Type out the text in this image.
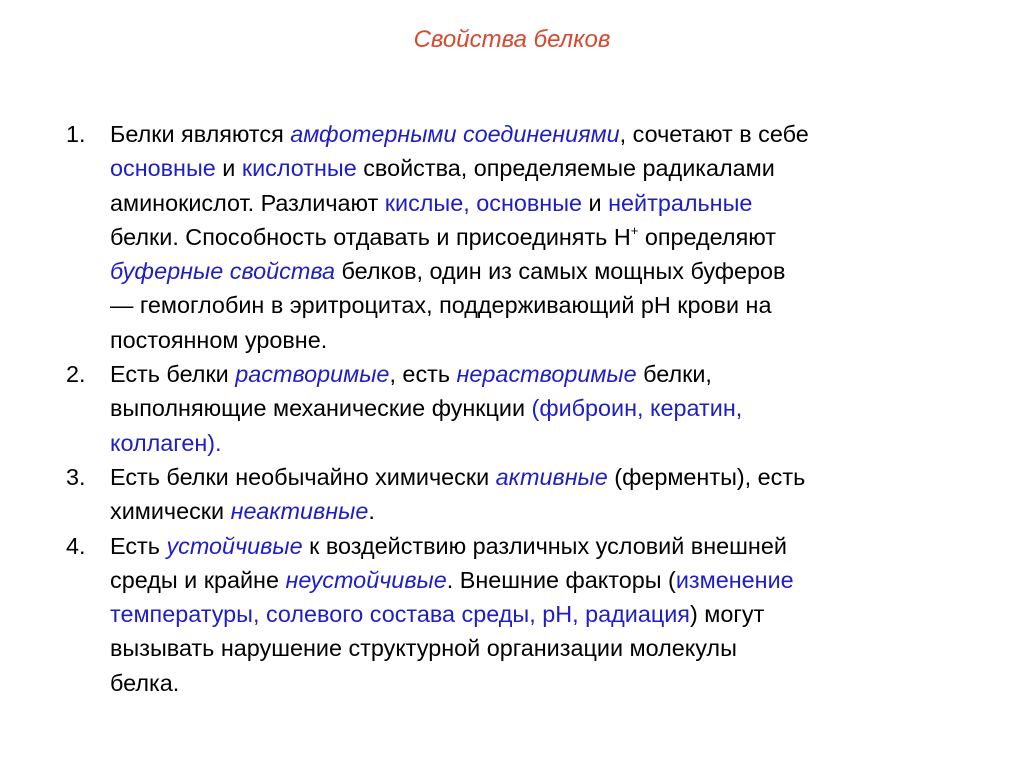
Свойства белков
1. Белки являются амфотерными соединениями, сочетают в себе
основные и кислотные свойства, определяемые радикалами
аминокислот. Различают кислые, основные и нейтральные
белки. Способность отдавать и присоединять Н+ определяют
буферные свойства белков, один из самых мощных буферов
— гемоглобин в эритроцитах, поддерживающий рН крови на
постоянном уровне.
2. Есть белки растворимые, есть нерастворимые белки,
выполняющие механические функции (фиброин, кератин,
коллаген).
3. Есть белки необычайно химически активные (ферменты), есть
химически неактивные.
4. Есть устойчивые к воздействию различных условий внешней
среды и крайне неустойчивые. Внешние факторы (изменение
температуры, солевого состава среды, рН, радиация) могут
вызывать нарушение структурной организации молекулы
белка.
